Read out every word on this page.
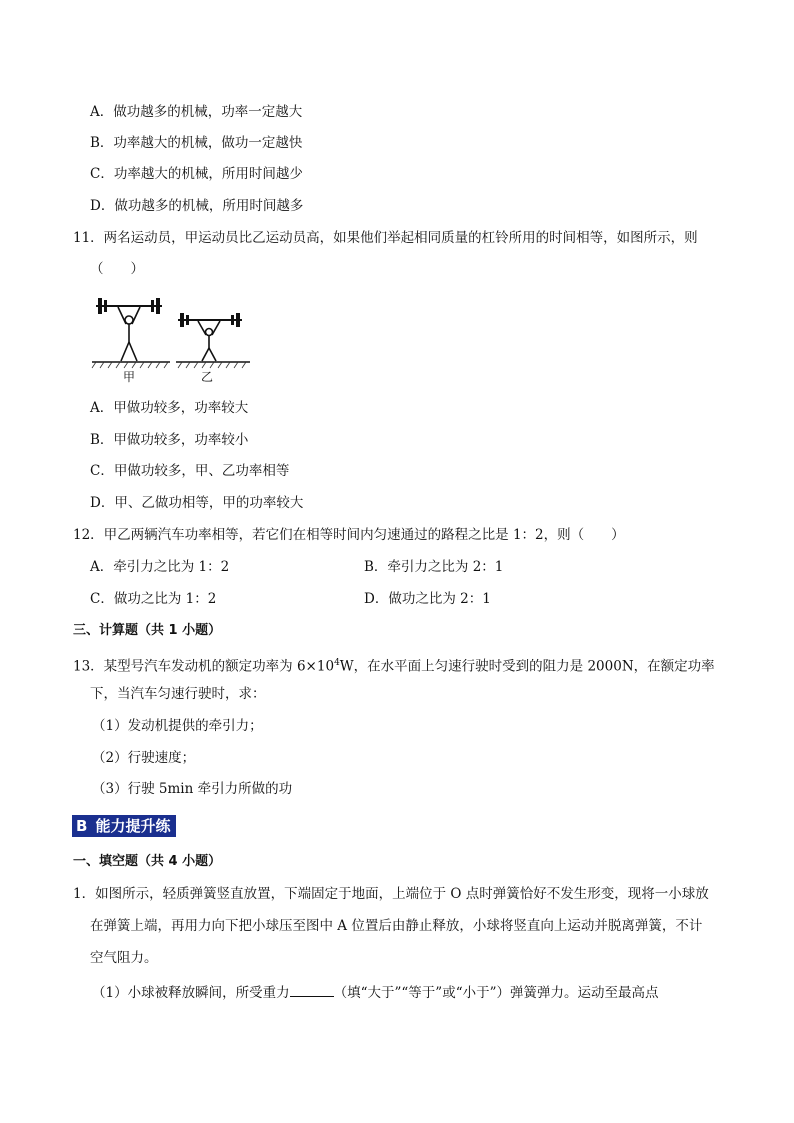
A．做功越多的机械，功率一定越大
B．功率越大的机械，做功一定越快
C．功率越大的机械，所用时间越少
D．做功越多的机械，所用时间越多
11．两名运动员，甲运动员比乙运动员高，如果他们举起相同质量的杠铃所用的时间相等，如图所示，则
（　　）
甲	乙
A．甲做功较多，功率较大
B．甲做功较多，功率较小
C．甲做功较多，甲、乙功率相等
D．甲、乙做功相等，甲的功率较大
12．甲乙两辆汽车功率相等，若它们在相等时间内匀速通过的路程之比是 1：2，则（　　）
A．牵引力之比为 1：2	B．牵引力之比为 2：1
C．做功之比为 1：2	D．做功之比为 2：1
三、计算题（共 1 小题）
13．某型号汽车发动机的额定功率为 $6\times 10^4W$，在水平面上匀速行驶时受到的阻力是 2000N，在额定功率
下，当汽车匀速行驶时，求：
（1）发动机提供的牵引力；
（2）行驶速度；
（3）行驶 5min 牵引力所做的功
B 能力提升练
一、填空题（共 4 小题）
1．如图所示，轻质弹簧竖直放置，下端固定于地面，上端位于 O 点时弹簧恰好不发生形变，现将一小球放
在弹簧上端，再用力向下把小球压至图中 A 位置后由静止释放，小球将竖直向上运动并脱离弹簧，不计
空气阻力。
（1）小球被释放瞬间，所受重力	（填“大于”“等于”或“小于”）弹簧弹力。运动至最高点
